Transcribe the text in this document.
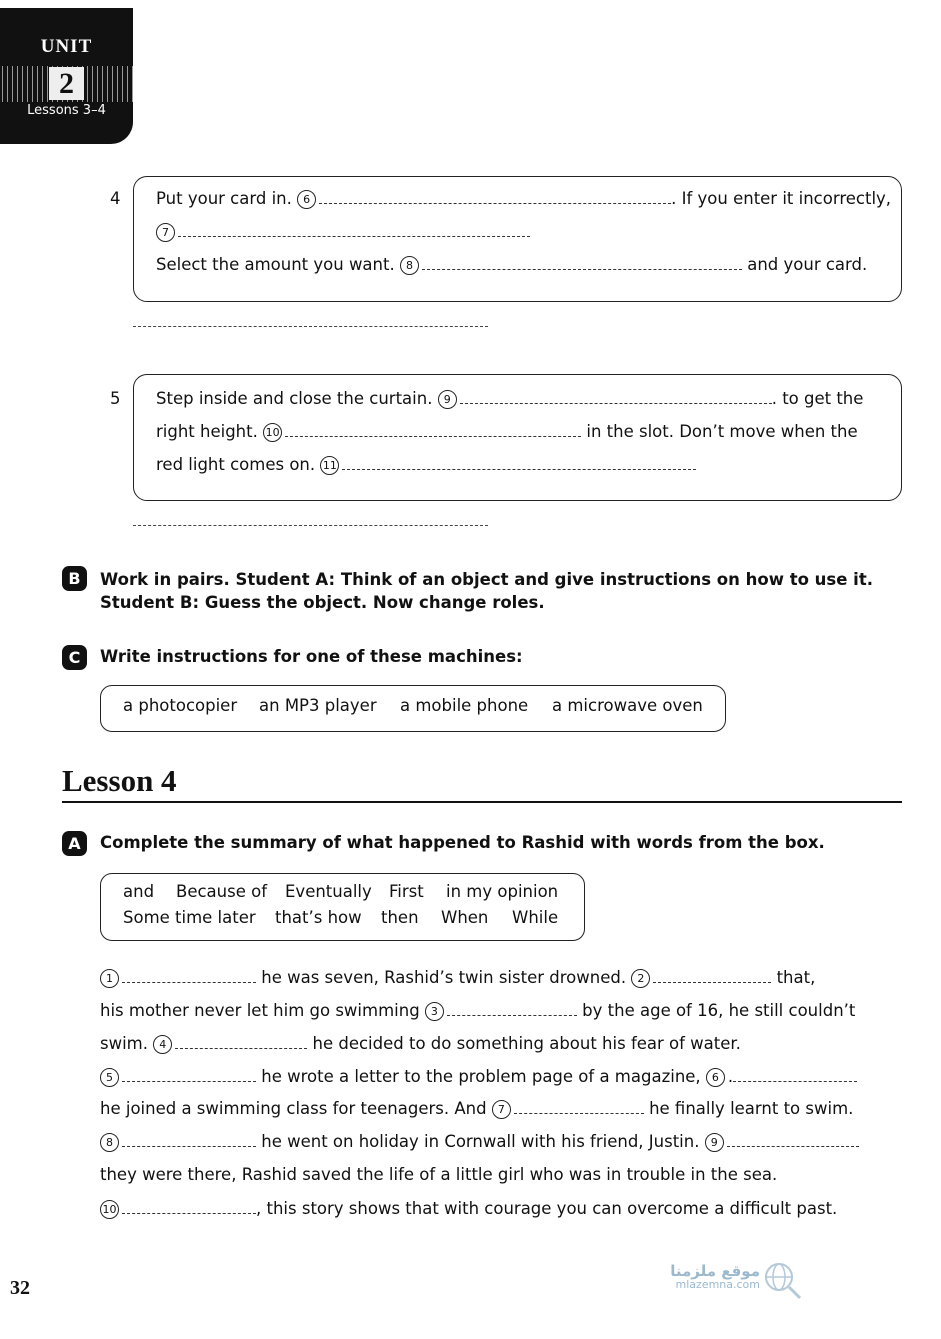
UNIT
2
Lessons 3–4
4 Put your card in. 6	. If you enter it incorrectly,
7
Select the amount you want. 8	and your card.
5 Step inside and close the curtain. 9	. to get the
right height. 10	in the slot. Don’t move when the
red light comes on. 11
B	Work in pairs. Student A: Think of an object and give instructions on how to use it.
Student B: Guess the object. Now change roles.
C	Write instructions for one of these machines:
a photocopier an MP3 player a mobile phone a microwave oven
Lesson 4
A	Complete the summary of what happened to Rashid with words from the box.
and Because of Eventually First in my opinion
Some time later that’s how then When While
1	he was seven, Rashid’s twin sister drowned. 2	that,
his mother never let him go swimming 3	by the age of 16, he still couldn’t
swim. 4	he decided to do something about his fear of water.
5	he wrote a letter to the problem page of a magazine, 6 .
he joined a swimming class for teenagers. And 7	he finally learnt to swim.
8	he went on holiday in Cornwall with his friend, Justin. 9
they were there, Rashid saved the life of a little girl who was in trouble in the sea.
10	, this story shows that with courage you can overcome a difficult past.
32
موقع ملزمنا
mlazemna.com
